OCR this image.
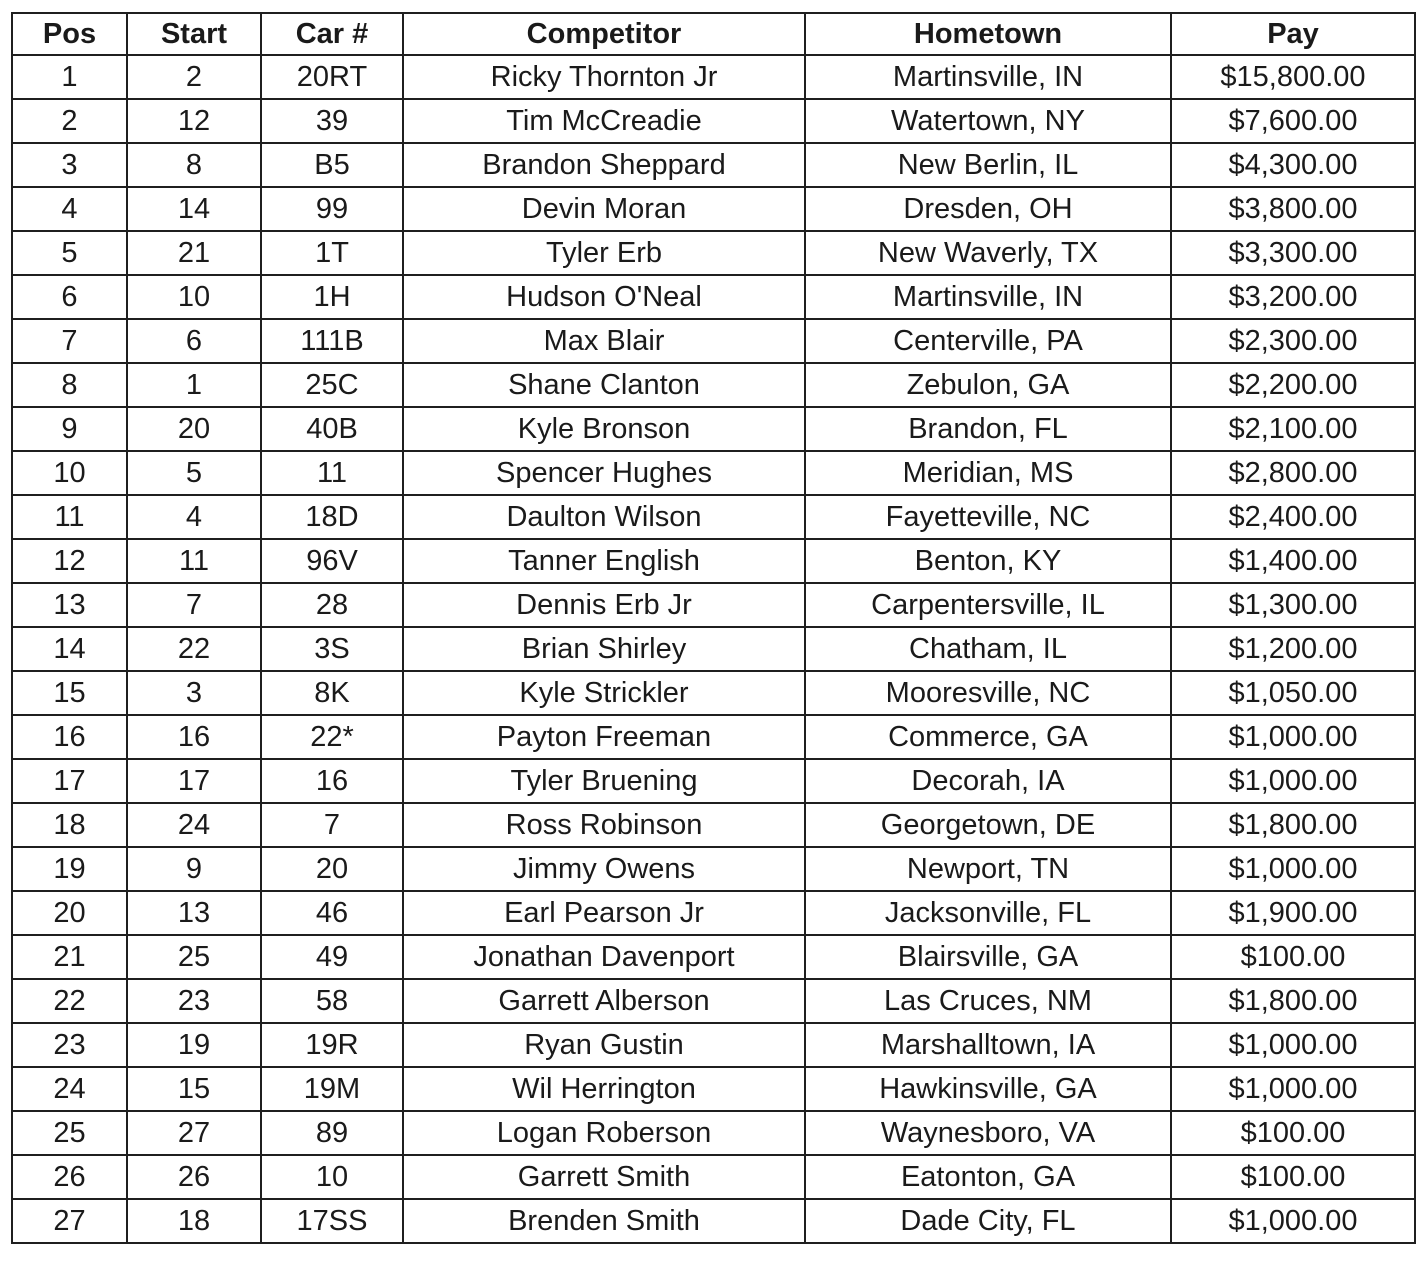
Pos	Start	Car #	Competitor	Hometown	Pay
1	2	20RT	Ricky Thornton Jr	Martinsville, IN	$15,800.00
2	12	39	Tim McCreadie	Watertown, NY	$7,600.00
3	8	B5	Brandon Sheppard	New Berlin, IL	$4,300.00
4	14	99	Devin Moran	Dresden, OH	$3,800.00
5	21	1T	Tyler Erb	New Waverly, TX	$3,300.00
6	10	1H	Hudson O'Neal	Martinsville, IN	$3,200.00
7	6	111B	Max Blair	Centerville, PA	$2,300.00
8	1	25C	Shane Clanton	Zebulon, GA	$2,200.00
9	20	40B	Kyle Bronson	Brandon, FL	$2,100.00
10	5	11	Spencer Hughes	Meridian, MS	$2,800.00
11	4	18D	Daulton Wilson	Fayetteville, NC	$2,400.00
12	11	96V	Tanner English	Benton, KY	$1,400.00
13	7	28	Dennis Erb Jr	Carpentersville, IL	$1,300.00
14	22	3S	Brian Shirley	Chatham, IL	$1,200.00
15	3	8K	Kyle Strickler	Mooresville, NC	$1,050.00
16	16	22*	Payton Freeman	Commerce, GA	$1,000.00
17	17	16	Tyler Bruening	Decorah, IA	$1,000.00
18	24	7	Ross Robinson	Georgetown, DE	$1,800.00
19	9	20	Jimmy Owens	Newport, TN	$1,000.00
20	13	46	Earl Pearson Jr	Jacksonville, FL	$1,900.00
21	25	49	Jonathan Davenport	Blairsville, GA	$100.00
22	23	58	Garrett Alberson	Las Cruces, NM	$1,800.00
23	19	19R	Ryan Gustin	Marshalltown, IA	$1,000.00
24	15	19M	Wil Herrington	Hawkinsville, GA	$1,000.00
25	27	89	Logan Roberson	Waynesboro, VA	$100.00
26	26	10	Garrett Smith	Eatonton, GA	$100.00
27	18	17SS	Brenden Smith	Dade City, FL	$1,000.00
